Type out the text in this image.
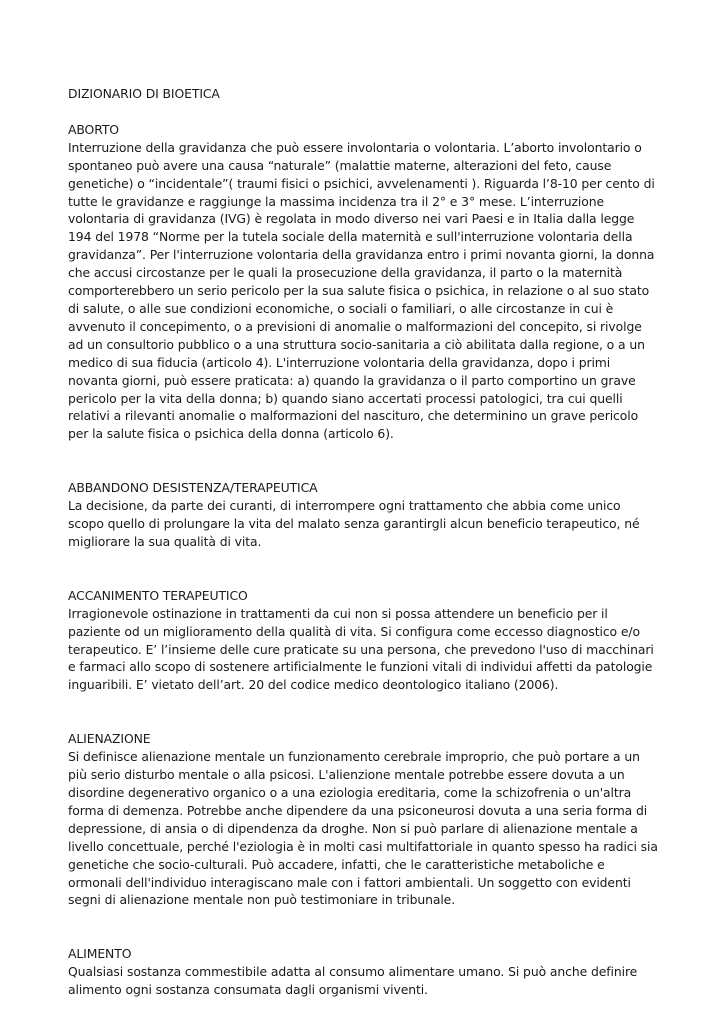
DIZIONARIO DI BIOETICA
ABORTO
Interruzione della gravidanza che può essere involontaria o volontaria. L’aborto involontario o spontaneo può avere una causa “naturale” (malattie materne, alterazioni del feto, cause genetiche) o “incidentale”( traumi fisici o psichici, avvelenamenti ). Riguarda l’8-10 per cento di tutte le gravidanze e raggiunge la massima incidenza tra il 2° e 3° mese. L’interruzione volontaria di gravidanza (IVG) è regolata in modo diverso nei vari Paesi e in Italia dalla legge 194 del 1978 “Norme per la tutela sociale della maternità e sull'interruzione volontaria della gravidanza”. Per l'interruzione volontaria della gravidanza entro i primi novanta giorni, la donna che accusi circostanze per le quali la prosecuzione della gravidanza, il parto o la maternità comporterebbero un serio pericolo per la sua salute fisica o psichica, in relazione o al suo stato di salute, o alle sue condizioni economiche, o sociali o familiari, o alle circostanze in cui è avvenuto il concepimento, o a previsioni di anomalie o malformazioni del concepito, si rivolge ad un consultorio pubblico o a una struttura socio-sanitaria a ciò abilitata dalla regione, o a un medico di sua fiducia (articolo 4). L'interruzione volontaria della gravidanza, dopo i primi novanta giorni, può essere praticata: a) quando la gravidanza o il parto comportino un grave pericolo per la vita della donna; b) quando siano accertati processi patologici, tra cui quelli relativi a rilevanti anomalie o malformazioni del nascituro, che determinino un grave pericolo per la salute fisica o psichica della donna (articolo 6).
ABBANDONO DESISTENZA/TERAPEUTICA
La decisione, da parte dei curanti, di interrompere ogni trattamento che abbia come unico scopo quello di prolungare la vita del malato senza garantirgli alcun beneficio terapeutico, né migliorare la sua qualità di vita.
ACCANIMENTO TERAPEUTICO
Irragionevole ostinazione in trattamenti da cui non si possa attendere un beneficio per il paziente od un miglioramento della qualità di vita. Si configura come eccesso diagnostico e/o terapeutico. E’ l’insieme delle cure praticate su una persona, che prevedono l'uso di macchinari e farmaci allo scopo di sostenere artificialmente le funzioni vitali di individui affetti da patologie inguaribili. E’ vietato dell’art. 20 del codice medico deontologico italiano (2006).
ALIENAZIONE
Si definisce alienazione mentale un funzionamento cerebrale improprio, che può portare a un più serio disturbo mentale o alla psicosi. L'alienzione mentale potrebbe essere dovuta a un disordine degenerativo organico o a una eziologia ereditaria, come la schizofrenia o un'altra forma di demenza. Potrebbe anche dipendere da una psiconeurosi dovuta a una seria forma di depressione, di ansia o di dipendenza da droghe. Non si può parlare di alienazione mentale a livello concettuale, perché l'eziologia è in molti casi multifattoriale in quanto spesso ha radici sia genetiche che socio-culturali. Può accadere, infatti, che le caratteristiche metaboliche e ormonali dell'individuo interagiscano male con i fattori ambientali. Un soggetto con evidenti segni di alienazione mentale non può testimoniare in tribunale.
ALIMENTO
Qualsiasi sostanza commestibile adatta al consumo alimentare umano. Si può anche definire alimento ogni sostanza consumata dagli organismi viventi.
